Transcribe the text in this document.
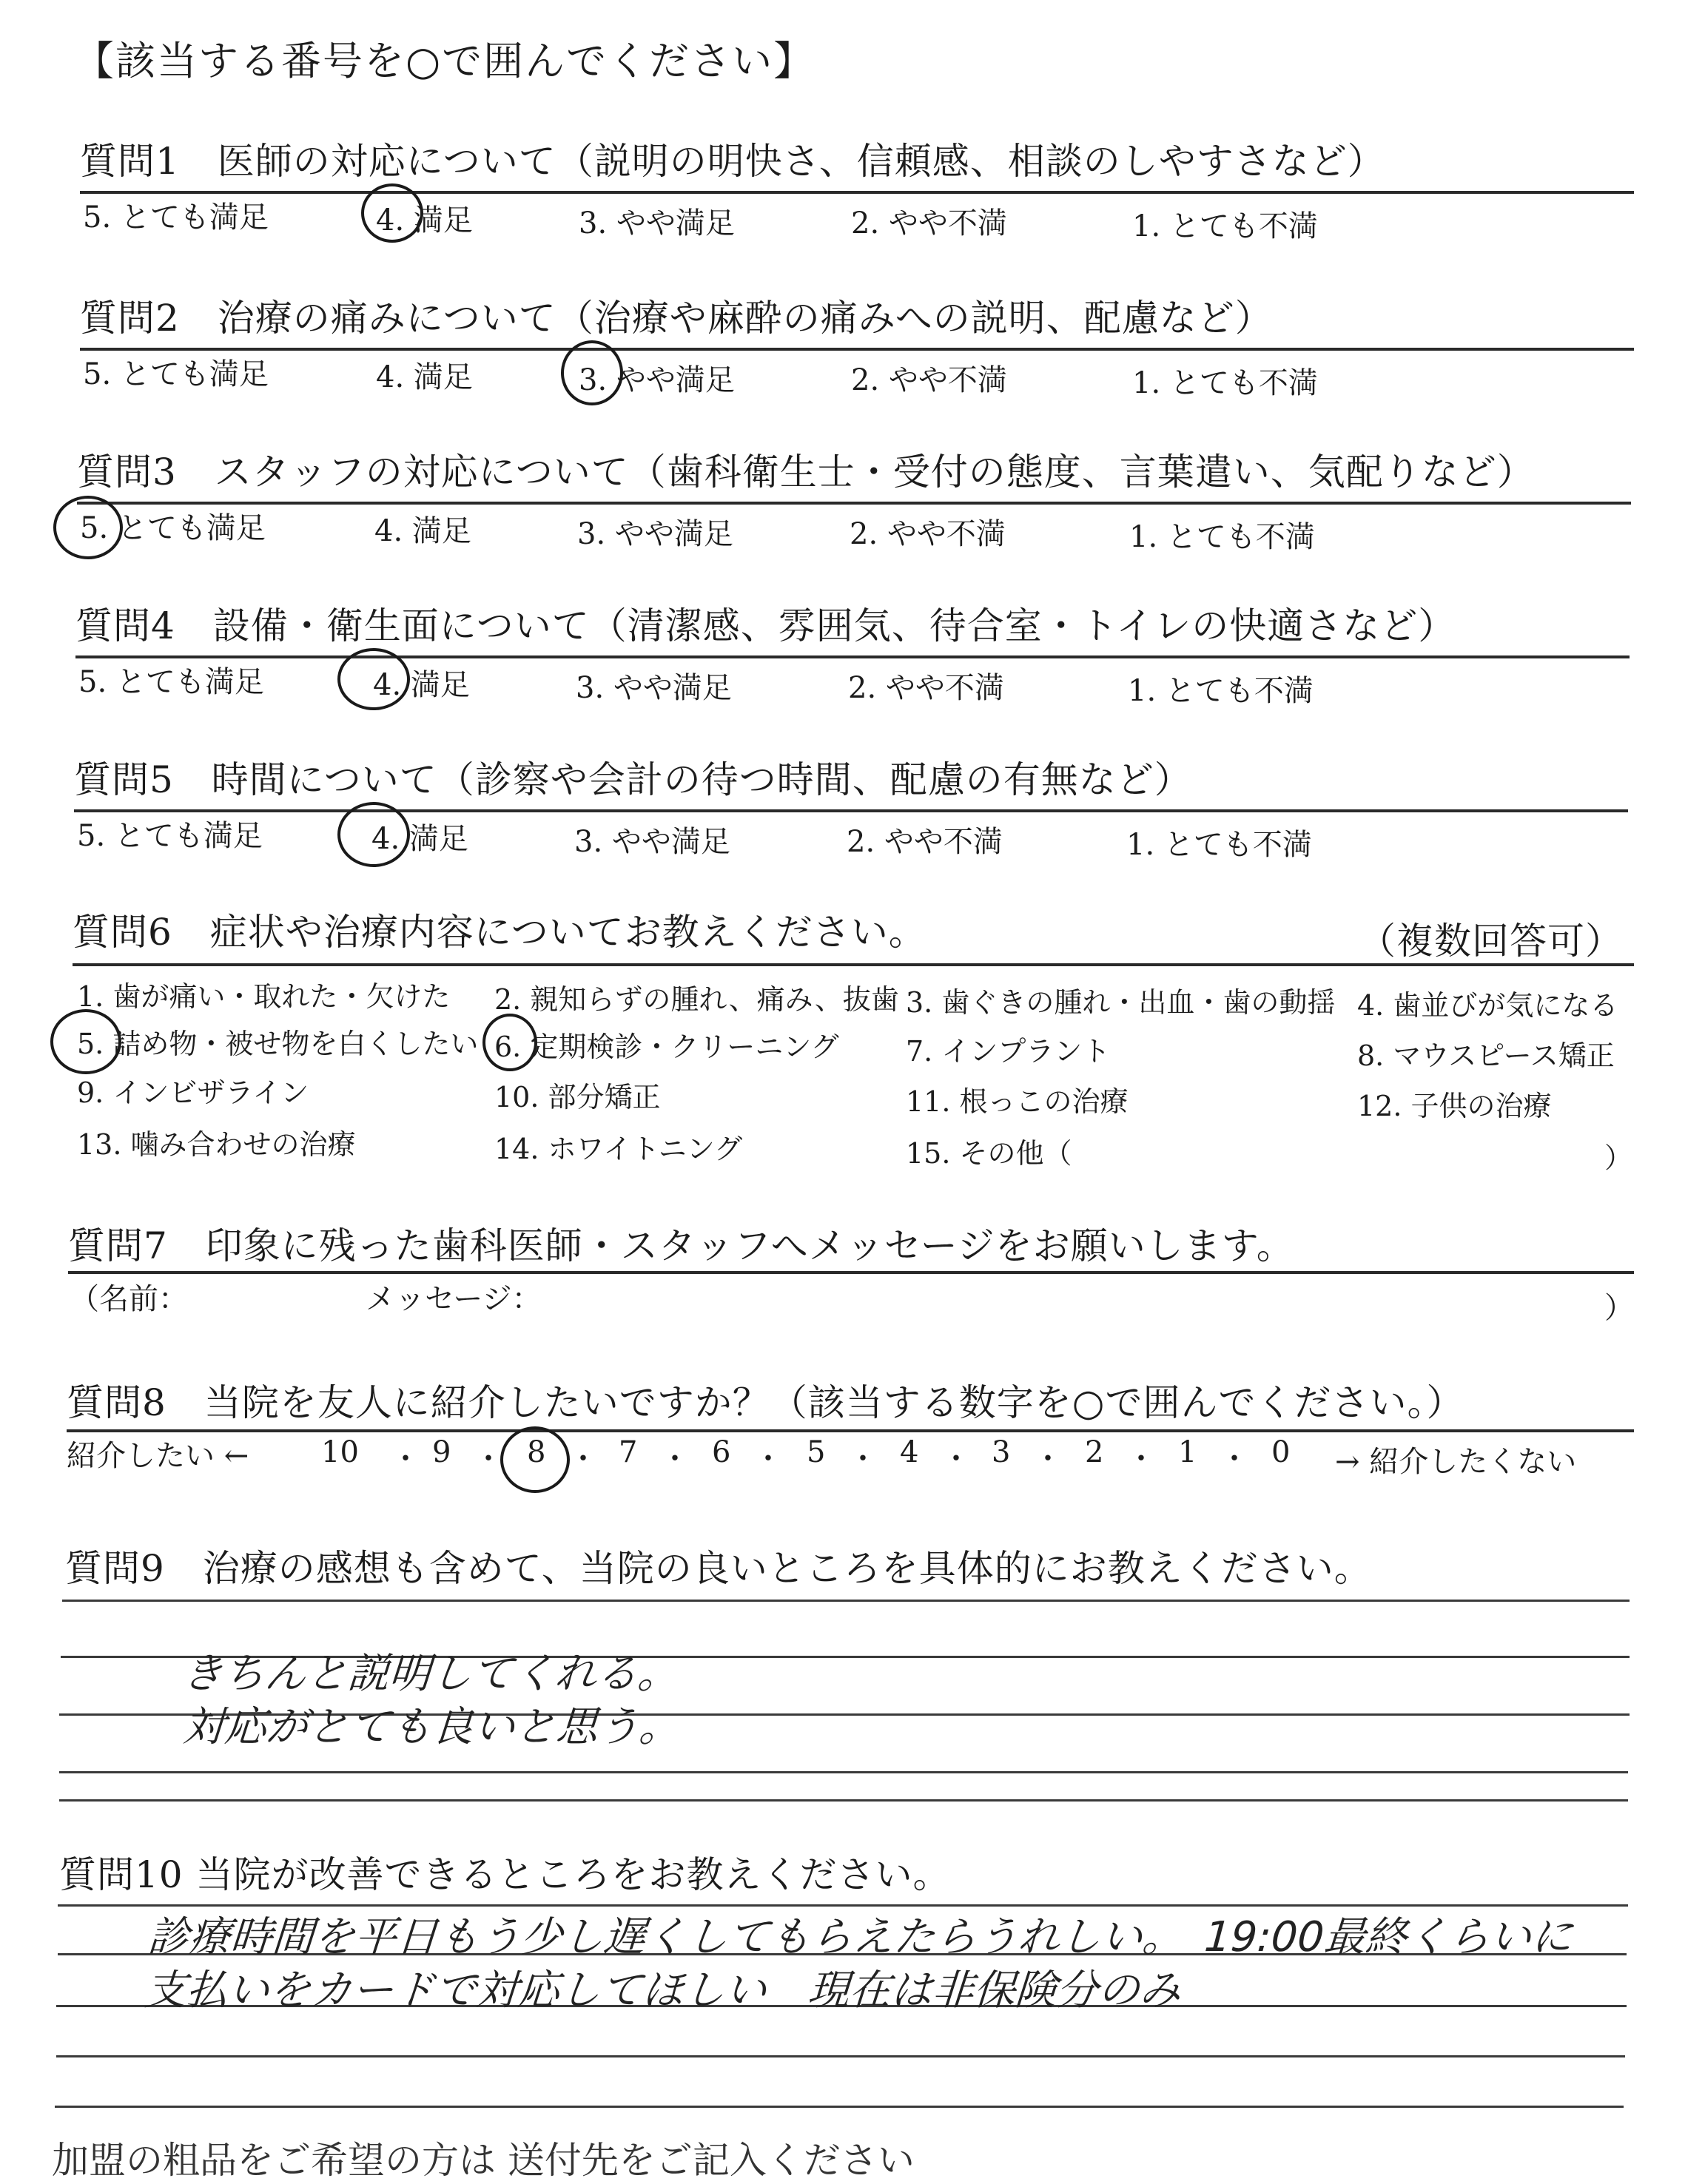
【該当する番号を○で囲んでください】
質問1　医師の対応について（説明の明快さ、信頼感、相談のしやすさなど）
5. とても満足	4. 満足	3. やや満足	2. やや不満	1. とても不満
質問2　治療の痛みについて（治療や麻酔の痛みへの説明、配慮など）
5. とても満足	4. 満足	3. やや満足	2. やや不満	1. とても不満
質問3　スタッフの対応について（歯科衛生士・受付の態度、言葉遣い、気配りなど）
5. とても満足	4. 満足	3. やや満足	2. やや不満	1. とても不満
質問4　設備・衛生面について（清潔感、雰囲気、待合室・トイレの快適さなど）
5. とても満足	4. 満足	3. やや満足	2. やや不満	1. とても不満
質問5　時間について（診察や会計の待つ時間、配慮の有無など）
5. とても満足	4. 満足	3. やや満足	2. やや不満	1. とても不満
質問6　症状や治療内容についてお教えください。	（複数回答可）
1. 歯が痛い・取れた・欠けた 2. 親知らずの腫れ、痛み、抜歯 3. 歯ぐきの腫れ・出血・歯の動揺 4. 歯並びが気になる
5. 詰め物・被せ物を白くしたい 6. 定期検診・クリーニング 7. インプラント	8. マウスピース矯正
9. インビザライン	10. 部分矯正	11. 根っこの治療	12. 子供の治療
13. 噛み合わせの治療	14. ホワイトニング	15. その他（	）
質問7　印象に残った歯科医師・スタッフへメッセージをお願いします。
（名前：	メッセージ：	）
質問8　当院を友人に紹介したいですか？（該当する数字を○で囲んでください。）
紹介したい ← 10 ・ 9 ・ 8 ・ 7 ・ 6 ・ 5 ・ 4 ・ 3 ・ 2 ・ 1 ・ 0 → 紹介したくない
質問9　治療の感想も含めて、当院の良いところを具体的にお教えください。
きちんと説明してくれる。
対応がとても良いと思う。
質問10 当院が改善できるところをお教えください。
診療時間を平日もう少し遅くしてもらえたらうれしい。　19:00最終くらいに
支払いをカードで対応してほしい　現在は非保険分のみ
加盟の粗品をご希望の方は 送付先をご記入ください
